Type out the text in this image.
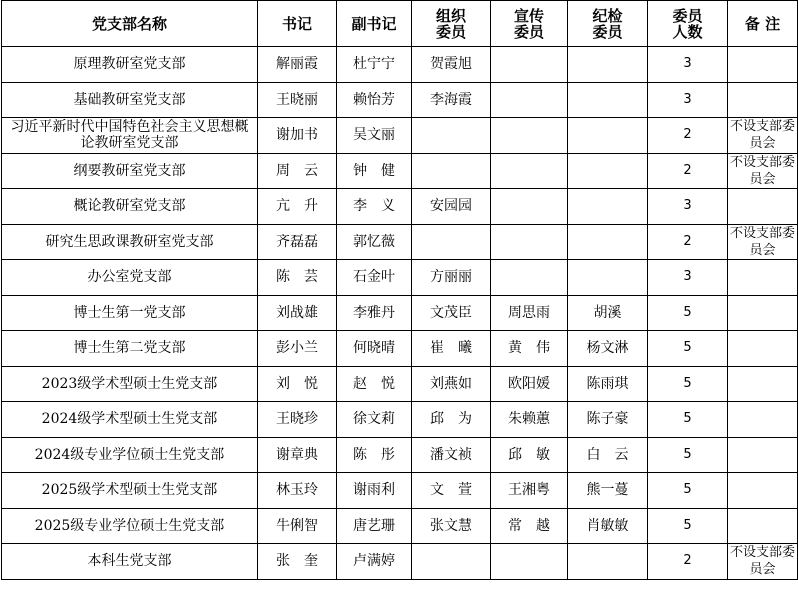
党支部名称	书记	副书记	组织委员	宣传委员	纪检委员	委员人数	备 注

原理教研室党支部	解丽霞	杜宁宁	贺霞旭			3	

基础教研室党支部	王晓丽	赖怡芳	李海霞			3	

习近平新时代中国特色社会主义思想概论教研室党支部	谢加书	吴文丽				2	不设支部委员会

纲要教研室党支部	周　云	钟　健				2	不设支部委员会

概论教研室党支部	亢　升	李　义	安园园			3	

研究生思政课教研室党支部	齐磊磊	郭忆薇				2	不设支部委员会

办公室党支部	陈　芸	石金叶	方丽丽			3	

博士生第一党支部	刘战雄	李雅丹	文茂臣	周思雨	胡溪	5	

博士生第二党支部	彭小兰	何晓晴	崔　曦	黄　伟	杨文淋	5	

2023级学术型硕士生党支部	刘　悦	赵　悦	刘燕如	欧阳媛	陈雨琪	5	

2024级学术型硕士生党支部	王晓珍	徐文莉	邱　为	朱赖蕙	陈子豪	5	

2024级专业学位硕士生党支部	谢章典	陈　彤	潘文祯	邱　敏	白　云	5	

2025级学术型硕士生党支部	林玉玲	谢雨利	文　萱	王湘粤	熊一蔓	5	

2025级专业学位硕士生党支部	牛俐智	唐艺珊	张文慧	常　越	肖敏敏	5	

本科生党支部	张　奎	卢满婷				2	不设支部委员会
